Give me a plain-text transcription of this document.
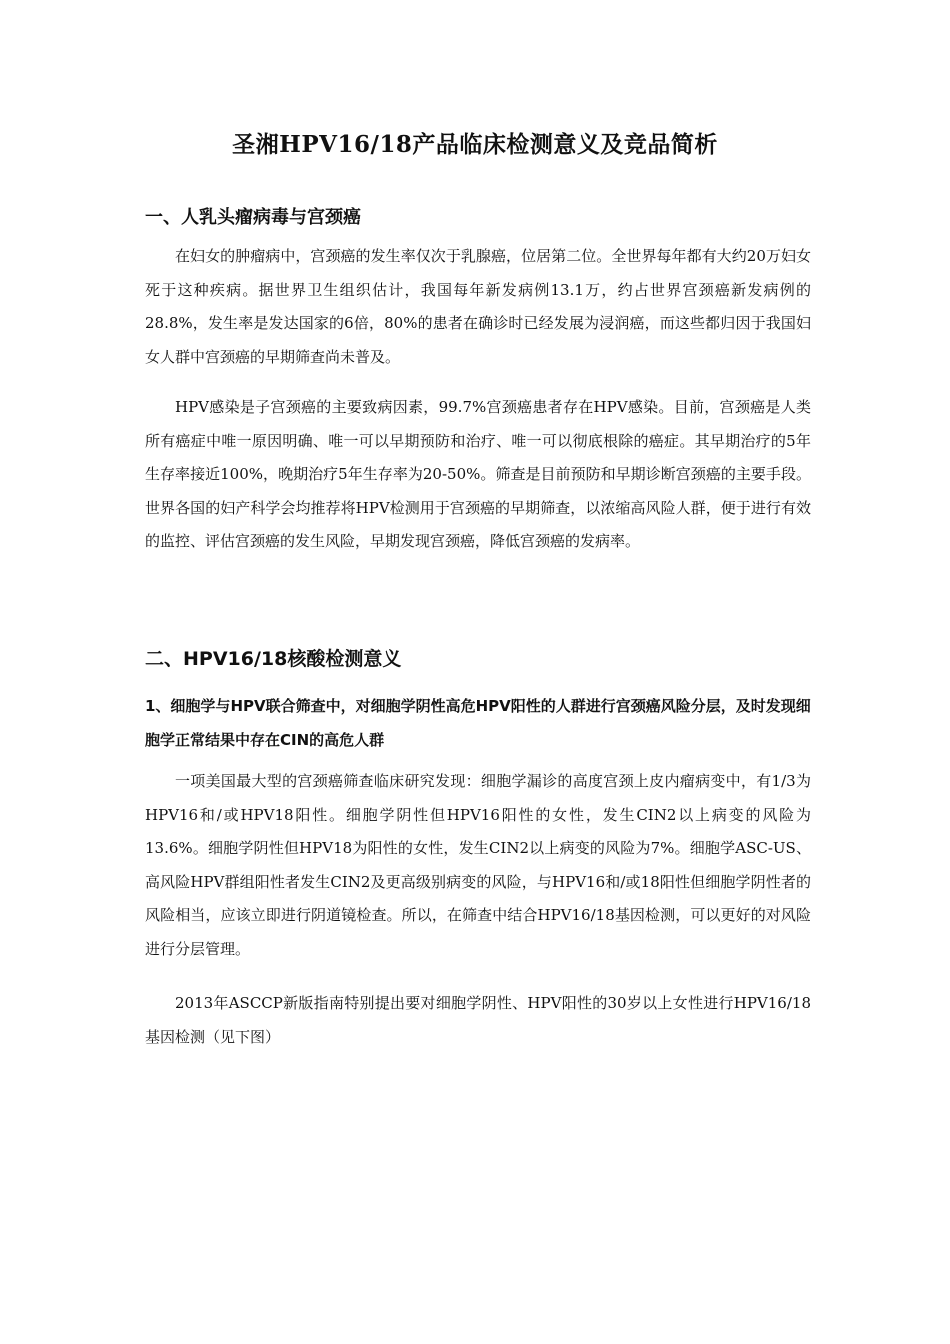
圣湘HPV16/18产品临床检测意义及竞品简析
一、人乳头瘤病毒与宫颈癌

在妇女的肿瘤病中，宫颈癌的发生率仅次于乳腺癌，位居第二位。全世界每年都有大约20万妇女死于这种疾病。据世界卫生组织估计，我国每年新发病例13.1万，约占世界宫颈癌新发病例的28.8%，发生率是发达国家的6倍，80%的患者在确诊时已经发展为浸润癌，而这些都归因于我国妇女人群中宫颈癌的早期筛查尚未普及。

HPV感染是子宫颈癌的主要致病因素，99.7%宫颈癌患者存在HPV感染。目前，宫颈癌是人类所有癌症中唯一原因明确、唯一可以早期预防和治疗、唯一可以彻底根除的癌症。其早期治疗的5年生存率接近100%，晚期治疗5年生存率为20-50%。筛查是目前预防和早期诊断宫颈癌的主要手段。世界各国的妇产科学会均推荐将HPV检测用于宫颈癌的早期筛查，以浓缩高风险人群，便于进行有效的监控、评估宫颈癌的发生风险，早期发现宫颈癌，降低宫颈癌的发病率。

二、HPV16/18核酸检测意义

1、细胞学与HPV联合筛查中，对细胞学阴性高危HPV阳性的人群进行宫颈癌风险分层，及时发现细胞学正常结果中存在CIN的高危人群

一项美国最大型的宫颈癌筛查临床研究发现：细胞学漏诊的高度宫颈上皮内瘤病变中，有1/3为HPV16和/或HPV18阳性。细胞学阴性但HPV16阳性的女性，发生CIN2以上病变的风险为13.6%。细胞学阴性但HPV18为阳性的女性，发生CIN2以上病变的风险为7%。细胞学ASC-US、高风险HPV群组阳性者发生CIN2及更高级别病变的风险，与HPV16和/或18阳性但细胞学阴性者的风险相当，应该立即进行阴道镜检查。所以，在筛查中结合HPV16/18基因检测，可以更好的对风险进行分层管理。

2013年ASCCP新版指南特别提出要对细胞学阴性、HPV阳性的30岁以上女性进行HPV16/18基因检测（见下图）
